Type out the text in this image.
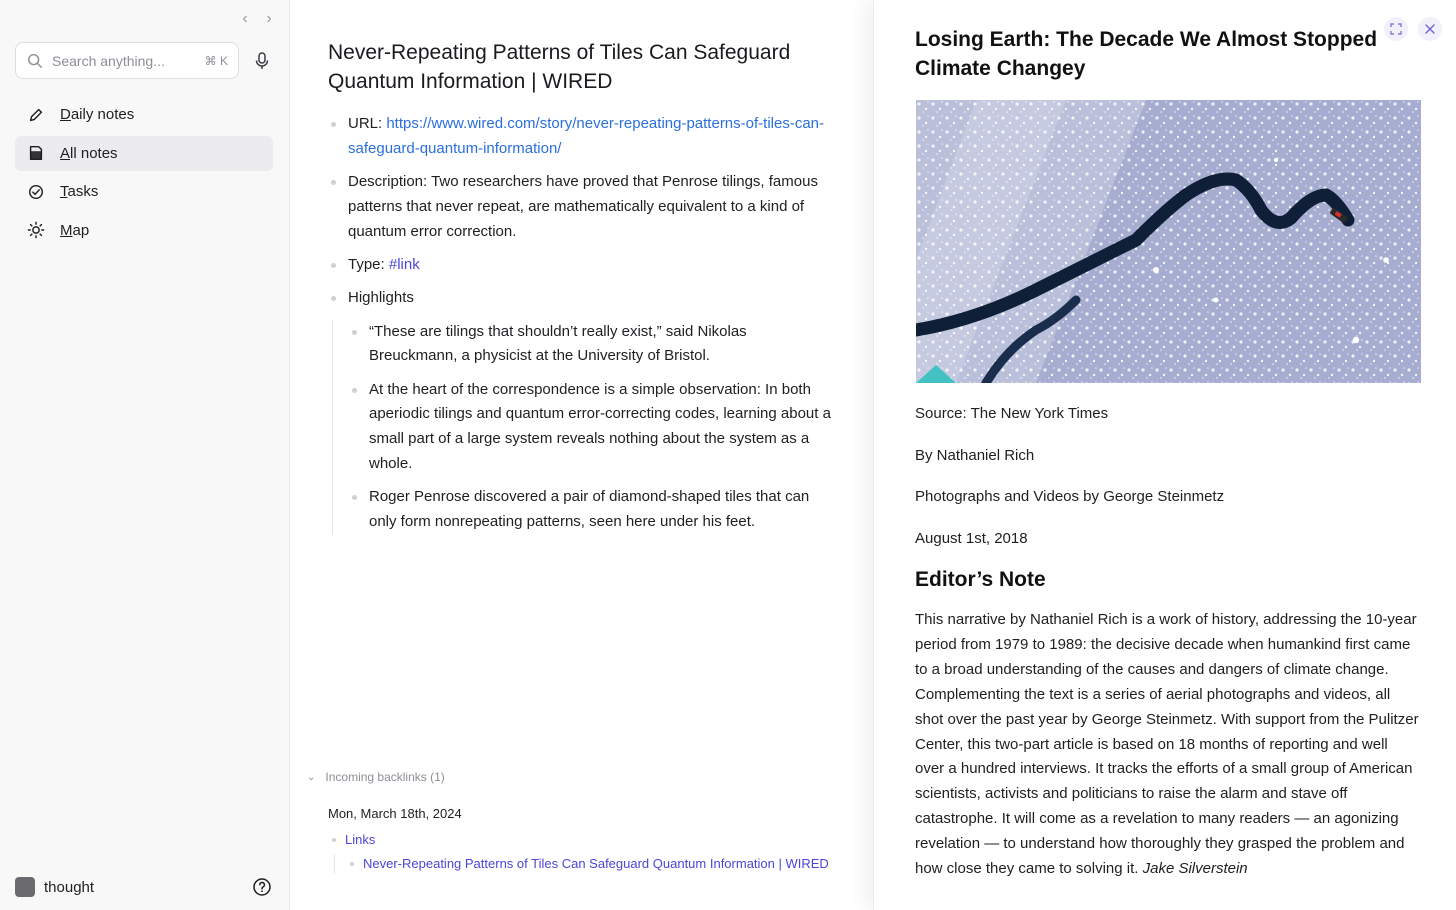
‹ ›
Search anything...	⌘ K
Daily notes
All notes
Tasks
Map
thought
Never-Repeating Patterns of Tiles Can Safeguard Quantum Information | WIRED
URL: https://www.wired.com/story/never-repeating-patterns-of-tiles-can-safeguard-quantum-information/
Description: Two researchers have proved that Penrose tilings, famous patterns that never repeat, are mathematically equivalent to a kind of quantum error correction.
Type: #link
Highlights
“These are tilings that shouldn’t really exist,” said Nikolas Breuckmann, a physicist at the University of Bristol.
At the heart of the correspondence is a simple observation: In both aperiodic tilings and quantum error-correcting codes, learning about a small part of a large system reveals nothing about the system as a whole.
Roger Penrose discovered a pair of diamond-shaped tiles that can only form nonrepeating patterns, seen here under his feet.
⌄ Incoming backlinks (1)
Mon, March 18th, 2024
Links
Never-Repeating Patterns of Tiles Can Safeguard Quantum Information | WIRED
Losing Earth: The Decade We Almost Stopped Climate Changey

Source: The New York Times

By Nathaniel Rich

Photographs and Videos by George Steinmetz

August 1st, 2018

Editor’s Note

This narrative by Nathaniel Rich is a work of history, addressing the 10-year period from 1979 to 1989: the decisive decade when humankind first came to a broad understanding of the causes and dangers of climate change. Complementing the text is a series of aerial photographs and videos, all shot over the past year by George Steinmetz. With support from the Pulitzer Center, this two-part article is based on 18 months of reporting and well over a hundred interviews. It tracks the efforts of a small group of American scientists, activists and politicians to raise the alarm and stave off catastrophe. It will come as a revelation to many readers — an agonizing revelation — to understand how thoroughly they grasped the problem and how close they came to solving it. Jake Silverstein
